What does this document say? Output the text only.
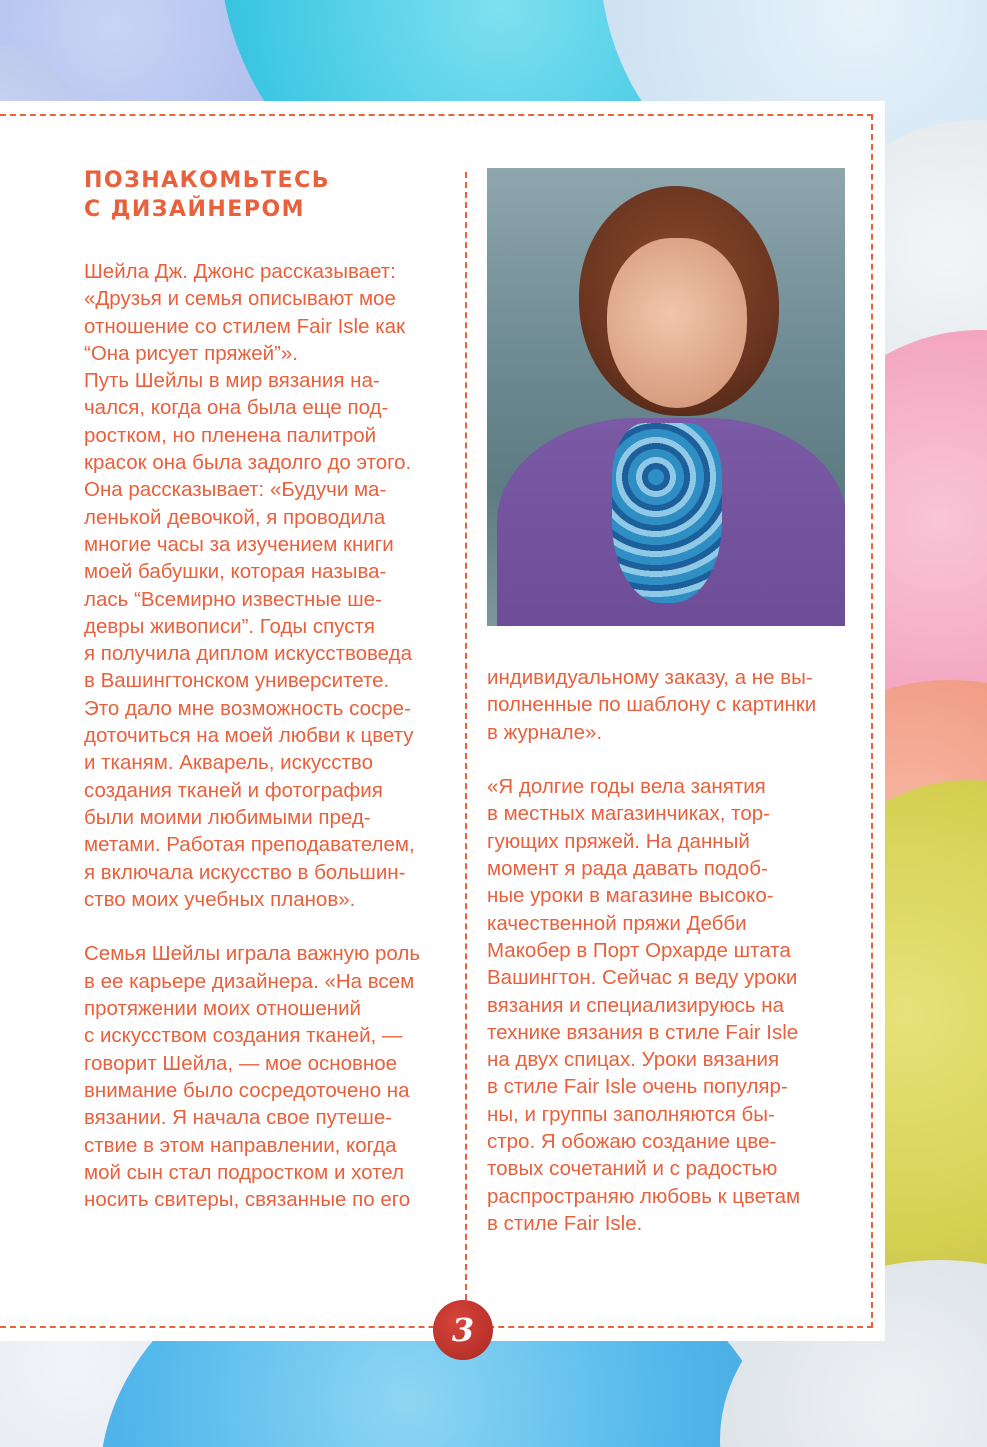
ПОЗНАКОМЬТЕСЬ
С ДИЗАЙНЕРОМ
Шейла Дж. Джонс рассказывает:
«Друзья и семья описывают мое
отношение со стилем Fair Isle как
“Она рисует пряжей”».
Путь Шейлы в мир вязания на-
чался, когда она была еще под-
ростком, но пленена палитрой
красок она была задолго до этого.
Она рассказывает: «Будучи ма-
ленькой девочкой, я проводила
многие часы за изучением книги
моей бабушки, которая называ-
лась “Всемирно известные ше-
девры живописи”. Годы спустя
я получила диплом искусствоведа
в Вашингтонском университете.
Это дало мне возможность сосре-
доточиться на моей любви к цвету
и тканям. Акварель, искусство
создания тканей и фотография
были моими любимыми пред-
метами. Работая преподавателем,
я включала искусство в большин-
ство моих учебных планов».

Семья Шейлы играла важную роль
в ее карьере дизайнера. «На всем
протяжении моих отношений
с искусством создания тканей, —
говорит Шейла, — мое основное
внимание было сосредоточено на
вязании. Я начала свое путеше-
ствие в этом направлении, когда
мой сын стал подростком и хотел
носить свитеры, связанные по его
индивидуальному заказу, а не вы-
полненные по шаблону с картинки
в журнале».

«Я долгие годы вела занятия
в местных магазинчиках, тор-
гующих пряжей. На данный
момент я рада давать подоб-
ные уроки в магазине высоко-
качественной пряжи Дебби
Макобер в Порт Орхарде штата
Вашингтон. Сейчас я веду уроки
вязания и специализируюсь на
технике вязания в стиле Fair Isle
на двух спицах. Уроки вязания
в стиле Fair Isle очень популяр-
ны, и группы заполняются бы-
стро. Я обожаю создание цве-
товых сочетаний и с радостью
распространяю любовь к цветам
в стиле Fair Isle.
3
